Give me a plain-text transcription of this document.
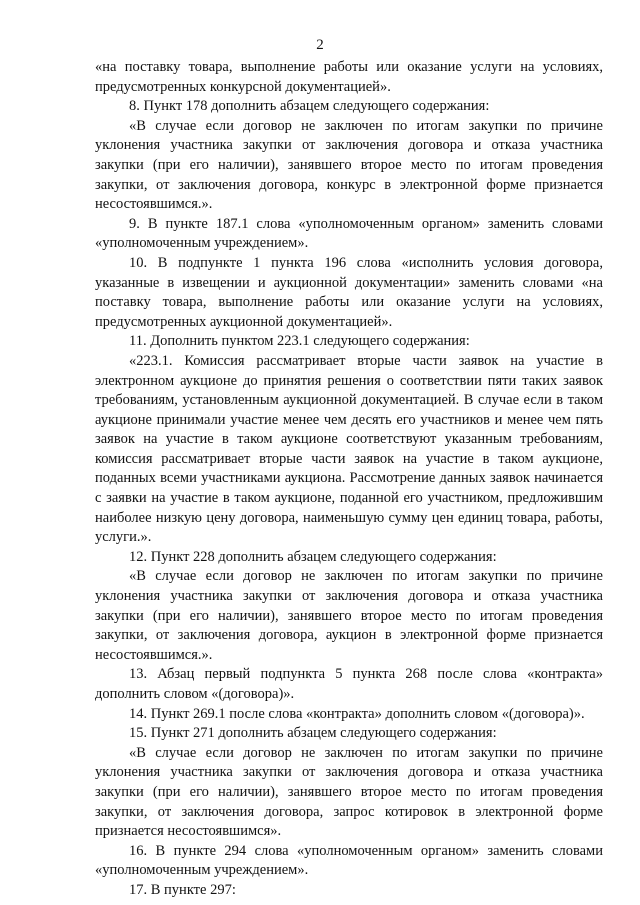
2

«на поставку товара, выполнение работы или оказание услуги на условиях, предусмотренных конкурсной документацией».

8. Пункт 178 дополнить абзацем следующего содержания:

«В случае если договор не заключен по итогам закупки по причине уклонения участника закупки от заключения договора и отказа участника закупки (при его наличии), занявшего второе место по итогам проведения закупки, от заключения договора, конкурс в электронной форме признается несостоявшимся.».

9. В пункте 187.1 слова «уполномоченным органом» заменить словами «уполномоченным учреждением».

10. В подпункте 1 пункта 196 слова «исполнить условия договора, указанные в извещении и аукционной документации» заменить словами «на поставку товара, выполнение работы или оказание услуги на условиях, предусмотренных аукционной документацией».

11. Дополнить пунктом 223.1 следующего содержания:

«223.1. Комиссия рассматривает вторые части заявок на участие в электронном аукционе до принятия решения о соответствии пяти таких заявок требованиям, установленным аукционной документацией. В случае если в таком аукционе принимали участие менее чем десять его участников и менее чем пять заявок на участие в таком аукционе соответствуют указанным требованиям, комиссия рассматривает вторые части заявок на участие в таком аукционе, поданных всеми участниками аукциона. Рассмотрение данных заявок начинается с заявки на участие в таком аукционе, поданной его участником, предложившим наиболее низкую цену договора, наименьшую сумму цен единиц товара, работы, услуги.».

12. Пункт 228 дополнить абзацем следующего содержания:

«В случае если договор не заключен по итогам закупки по причине уклонения участника закупки от заключения договора и отказа участника закупки (при его наличии), занявшего второе место по итогам проведения закупки, от заключения договора, аукцион в электронной форме признается несостоявшимся.».

13. Абзац первый подпункта 5 пункта 268 после слова «контракта» дополнить словом «(договора)».

14. Пункт 269.1 после слова «контракта» дополнить словом «(договора)».

15. Пункт 271 дополнить абзацем следующего содержания:

«В случае если договор не заключен по итогам закупки по причине уклонения участника закупки от заключения договора и отказа участника закупки (при его наличии), занявшего второе место по итогам проведения закупки, от заключения договора, запрос котировок в электронной форме признается несостоявшимся».

16. В пункте 294 слова «уполномоченным органом» заменить словами «уполномоченным учреждением».

17. В пункте 297:
